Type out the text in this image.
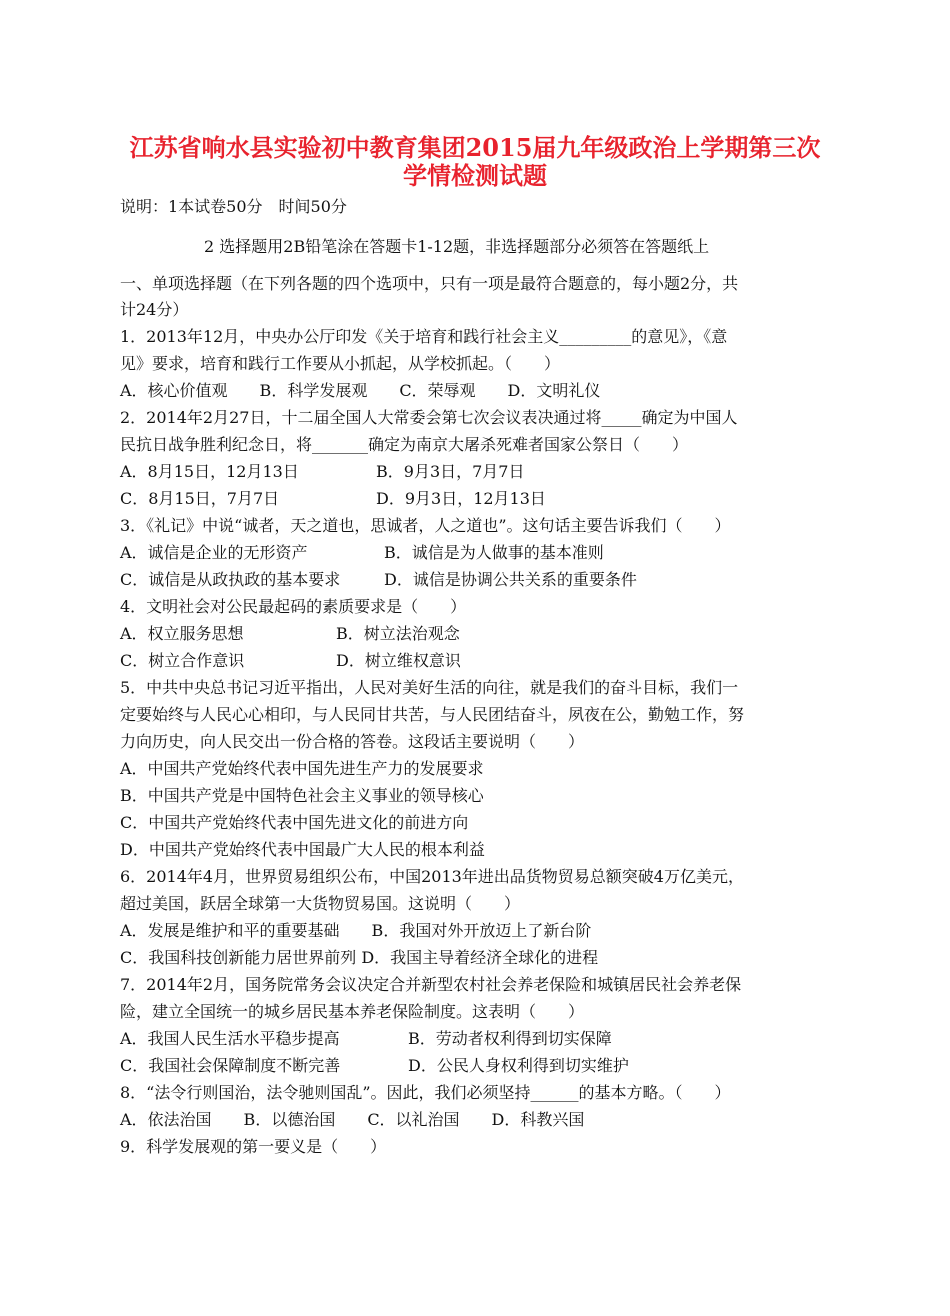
江苏省响水县实验初中教育集团2015届九年级政治上学期第三次
学情检测试题
说明：1本试卷50分　时间50分
2 选择题用2B铅笔涂在答题卡1-12题，非选择题部分必须答在答题纸上
一、单项选择题（在下列各题的四个选项中，只有一项是最符合题意的，每小题2分，共
计24分）
1．2013年12月，中央办公厅印发《关于培育和践行社会主义_________的意见》，《意
见》要求，培育和践行工作要从小抓起，从学校抓起。（　　）
A．核心价值观　　B．科学发展观　　C．荣辱观　　D．文明礼仪
2．2014年2月27日，十二届全国人大常委会第七次会议表决通过将_____确定为中国人
民抗日战争胜利纪念日，将_______确定为南京大屠杀死难者国家公祭日（　　）
A．8月15日，12月13日	B．9月3日，7月7日
C．8月15日，7月7日	D．9月3日，12月13日
3．《礼记》中说“诚者，天之道也，思诚者，人之道也”。这句话主要告诉我们（　　）
A．诚信是企业的无形资产	B．诚信是为人做事的基本准则
C．诚信是从政执政的基本要求	D．诚信是协调公共关系的重要条件
4．文明社会对公民最起码的素质要求是（　　）
A．权立服务思想	B．树立法治观念
C．树立合作意识	D．树立维权意识
5．中共中央总书记习近平指出，人民对美好生活的向往，就是我们的奋斗目标，我们一
定要始终与人民心心相印，与人民同甘共苦，与人民团结奋斗，夙夜在公，勤勉工作，努
力向历史，向人民交出一份合格的答卷。这段话主要说明（　　）
A．中国共产党始终代表中国先进生产力的发展要求
B．中国共产党是中国特色社会主义事业的领导核心
C．中国共产党始终代表中国先进文化的前进方向
D．中国共产党始终代表中国最广大人民的根本利益
6．2014年4月，世界贸易组织公布，中国2013年进出品货物贸易总额突破4万亿美元，
超过美国，跃居全球第一大货物贸易国。这说明（　　）
A．发展是维护和平的重要基础　　B．我国对外开放迈上了新台阶
C．我国科技创新能力居世界前列 D．我国主导着经济全球化的进程
7．2014年2月，国务院常务会议决定合并新型农村社会养老保险和城镇居民社会养老保
险，建立全国统一的城乡居民基本养老保险制度。这表明（　　）
A．我国人民生活水平稳步提高	B．劳动者权利得到切实保障
C．我国社会保障制度不断完善	D．公民人身权利得到切实维护
8．“法令行则国治，法令驰则国乱”。因此，我们必须坚持______的基本方略。（　　）
A．依法治国　　B．以德治国　　C．以礼治国　　D．科教兴国
9．科学发展观的第一要义是（　　）
